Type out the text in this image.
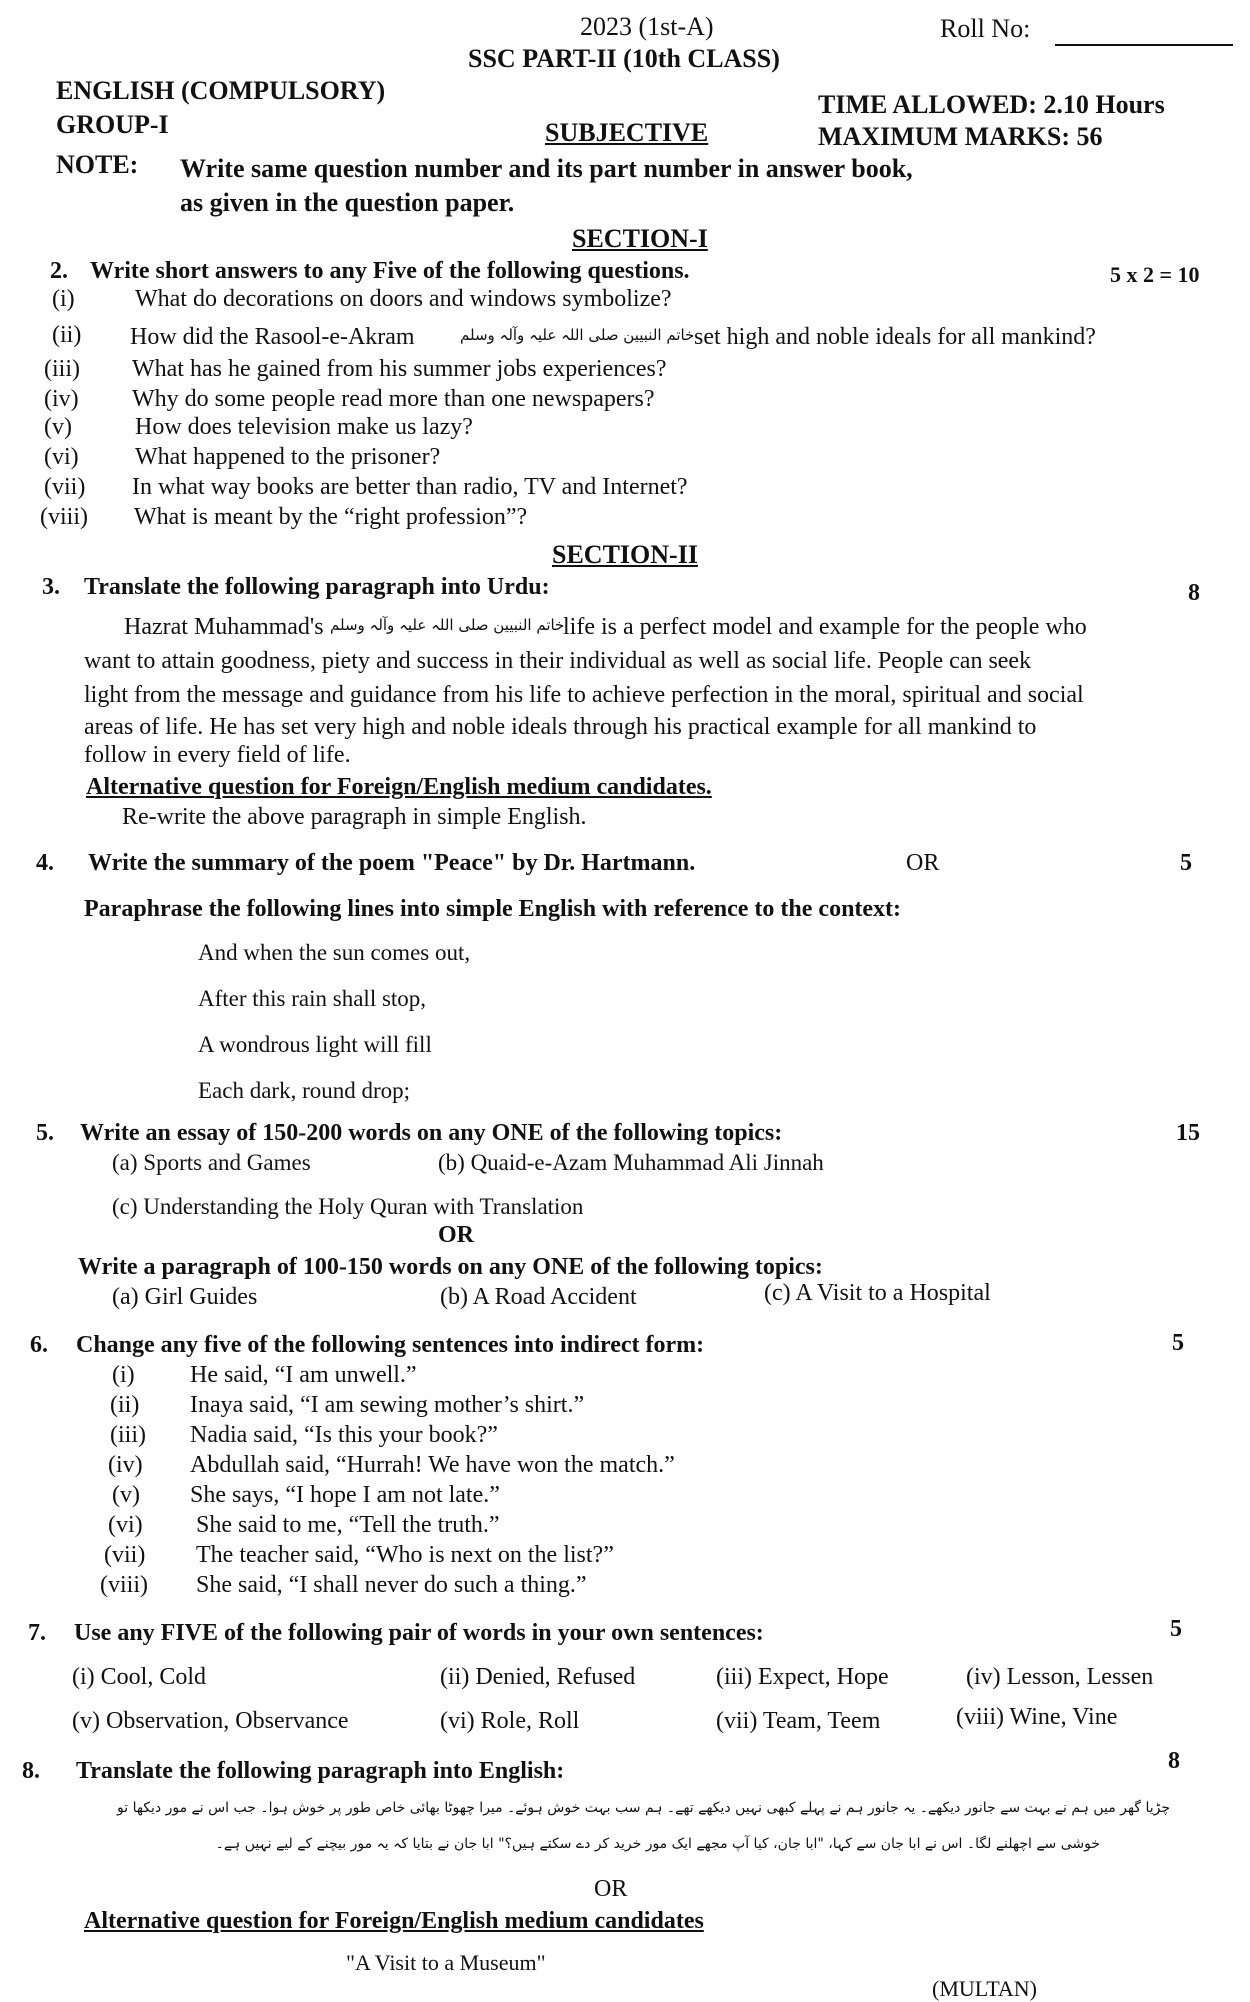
2023 (1st-A)	Roll No:
SSC PART-II (10th CLASS)
ENGLISH (COMPULSORY)	TIME ALLOWED: 2.10 Hours
GROUP-I	SUBJECTIVE	MAXIMUM MARKS: 56
NOTE: Write same question number and its part number in answer book,
as given in the question paper.
SECTION-I
2. Write short answers to any Five of the following questions.	5 x 2 = 10
(i)	What do decorations on doors and windows symbolize?
(ii) How did the Rasool-e-Akram	خاتم النبیین صلی اللہ علیہ وآلہ وسلم set high and noble ideals for all mankind?
(iii) What has he gained from his summer jobs experiences?
(iv) Why do some people read more than one newspapers?
(v)	How does television make us lazy?
(vi) What happened to the prisoner?
(vii) In what way books are better than radio, TV and Internet?
(viii) What is meant by the “right profession”?
SECTION-II
3. Translate the following paragraph into Urdu:	8
Hazrat Muhammad's خاتم النبیین صلی اللہ علیہ وآلہ وسلم
life is a perfect model and example for the people who
want to attain goodness, piety and success in their individual as well as social life. People can seek
light from the message and guidance from his life to achieve perfection in the moral, spiritual and social
areas of life. He has set very high and noble ideals through his practical example for all mankind to
follow in every field of life.
Alternative question for Foreign/English medium candidates.
Re-write the above paragraph in simple English.
4. Write the summary of the poem "Peace" by Dr. Hartmann.	OR	5
Paraphrase the following lines into simple English with reference to the context:
And when the sun comes out,
After this rain shall stop,
A wondrous light will fill
Each dark, round drop;
5. Write an essay of 150-200 words on any ONE of the following topics:	15
(a) Sports and Games	(b) Quaid-e-Azam Muhammad Ali Jinnah
(c) Understanding the Holy Quran with Translation
OR
Write a paragraph of 100-150 words on any ONE of the following topics:
(a) Girl Guides	(b) A Road Accident	(c) A Visit to a Hospital
6. Change any five of the following sentences into indirect form:	5
(i) He said, “I am unwell.”
(ii) Inaya said, “I am sewing mother’s shirt.”
(iii) Nadia said, “Is this your book?”
(iv) Abdullah said, “Hurrah! We have won the match.”
(v) She says, “I hope I am not late.”
(vi) She said to me, “Tell the truth.”
(vii) The teacher said, “Who is next on the list?”
(viii) She said, “I shall never do such a thing.”
7. Use any FIVE of the following pair of words in your own sentences:	5
(i) Cool, Cold	(ii) Denied, Refused	(iii) Expect, Hope	(iv) Lesson, Lessen
(v) Observation, Observance	(vi) Role, Roll	(vii) Team, Teem	(viii) Wine, Vine
8. Translate the following paragraph into English:	8
چڑیا گھر میں ہم نے بہت سے جانور دیکھے۔ یہ جانور ہم نے پہلے کبھی نہیں دیکھے تھے۔ ہم سب بہت خوش ہوئے۔ میرا چھوٹا بھائی خاص طور پر خوش ہوا۔ جب اس نے مور دیکھا تو
خوشی سے اچھلنے لگا۔ اس نے ابا جان سے کہا، "ابا جان، کیا آپ مجھے ایک مور خرید کر دے سکتے ہیں؟" ابا جان نے بتایا کہ یہ مور بیچنے کے لیے نہیں ہے۔
OR
Alternative question for Foreign/English medium candidates
"A Visit to a Museum"
(MULTAN)
